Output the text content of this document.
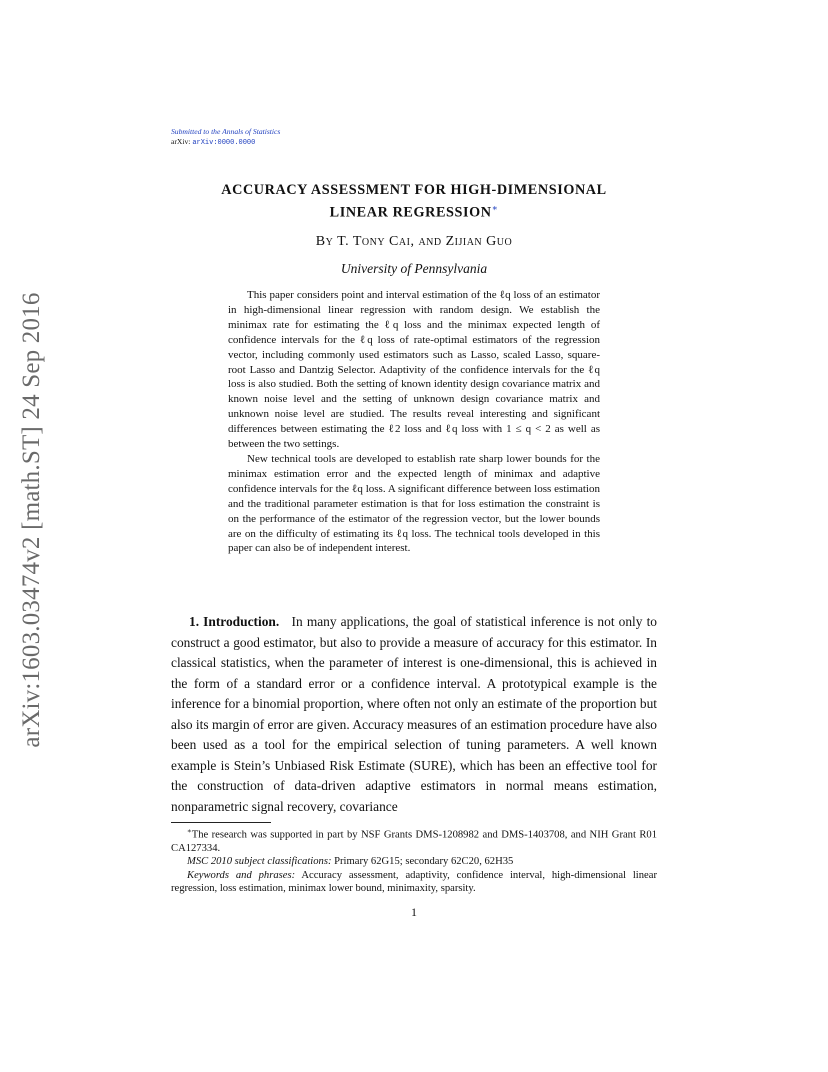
Submitted to the Annals of Statistics
arXiv: arXiv:0000.0000
arXiv:1603.03474v2 [math.ST] 24 Sep 2016
ACCURACY ASSESSMENT FOR HIGH-DIMENSIONAL
LINEAR REGRESSION∗
By T. Tony Cai, and Zijian Guo
University of Pennsylvania

This paper considers point and interval estimation of the ℓq loss of an estimator in high-dimensional linear regression with random design. We establish the minimax rate for estimating the ℓq loss and the minimax expected length of confidence intervals for the ℓq loss of rate-optimal estimators of the regression vector, including commonly used estimators such as Lasso, scaled Lasso, square-root Lasso and Dantzig Selector. Adaptivity of the confidence intervals for the ℓq loss is also studied. Both the setting of known identity design covariance matrix and known noise level and the setting of unknown design covariance matrix and unknown noise level are studied. The results reveal interesting and significant differences between estimating the ℓ2 loss and ℓq loss with 1 ≤ q < 2 as well as between the two settings.

New technical tools are developed to establish rate sharp lower bounds for the minimax estimation error and the expected length of minimax and adaptive confidence intervals for the ℓq loss. A significant difference between loss estimation and the traditional parameter estimation is that for loss estimation the constraint is on the performance of the estimator of the regression vector, but the lower bounds are on the difficulty of estimating its ℓq loss. The technical tools developed in this paper can also be of independent interest.

1. Introduction. In many applications, the goal of statistical inference is not only to construct a good estimator, but also to provide a measure of accuracy for this estimator. In classical statistics, when the parameter of interest is one-dimensional, this is achieved in the form of a standard error or a confidence interval. A prototypical example is the inference for a binomial proportion, where often not only an estimate of the proportion but also its margin of error are given. Accuracy measures of an estimation procedure have also been used as a tool for the empirical selection of tuning parameters. A well known example is Stein’s Unbiased Risk Estimate (SURE), which has been an effective tool for the construction of data-driven adaptive estimators in normal means estimation, nonparametric signal recovery, covariance

∗The research was supported in part by NSF Grants DMS-1208982 and DMS-1403708, and NIH Grant R01 CA127334.

MSC 2010 subject classifications: Primary 62G15; secondary 62C20, 62H35

Keywords and phrases: Accuracy assessment, adaptivity, confidence interval, high-dimensional linear regression, loss estimation, minimax lower bound, minimaxity, sparsity.

1
